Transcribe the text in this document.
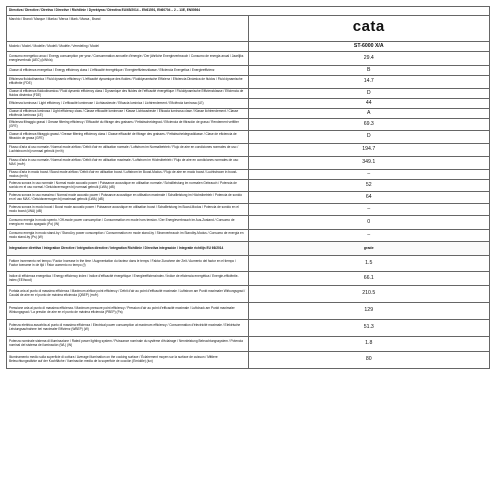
Directiva / Directive / Diretiva / Directive / Richtlinie / Dyrektywa / Directiva EU/65/2014 – EN61591, EN60704 – 2 – 13E, EN50564	
Marchio / Brand / Marque / Marka / Merca / Mark / Marca , Brand	cata
Modelo / Model / Modelle / Modell / Modèle / Veredeling / Model	ST-6000 X/A
Consumo energetico anuo / Energy consumption per year / Consommation annuelle d'énergie / Der jährliche Energieverbrauch / Consumo de energia anual / Jaarlijks energieverbruik (AEC) (kWh/a)	29.4
Classe di efficienza energetica / Energy efficiency class / L'efficacité énergétique / Energieeffizienzklasse / Eficiencia Energetica / Energieeffizienz	B
Efficienza fluidodinamica / Fluid dynamic efficiency / L'efficacité dynamique des fluides / Fluiddynamische Effizienz / Eficiencia Dinámica de fluidos / Fluid dynamische efficiëntie (FDE)	14.7
Classe di efficienza fluidodinamica / Fluid dynamic efficiency class / Dynamique des fluides de l'efficacité énergétique / Fluiddynamische Effizienzklasse / Eficiencia de fluidos dinámica (FDE)	D
Efficienza luminosa / Light efficiency / L'efficacité lumineuse / Lichtausbeute / Eficacia lumínica / Lichtrendement / Eficiência luminosa (LE)	44
Classe di efficienza luminosa / Light efficiency class / Classe efficacité lumineuse / Klasse Lichtausbeute / Eficacia luminosa clase / Klasse lichtrendement / Classe eficiência luminosa (LE)	A
Efficienza filtraggio grassi / Grease filtering efficiency / Efficacité du filtrage des graisses / Fettabscheidegrad / Eficiencia de filtración de grasa / Rendement vetfilter (GFE)	69.3
Classe di efficienza filtraggio grassi / Grease filtering efficiency class / Classe efficacité de filtrage des graisses / Fettabscheidegradklasse / Clase de eficiencia de filtración de grasa (GFE)	D
Flusso d'aria al uso normale / Normal mode airflow / Débit d'air en utilisation normale / Luftstrom im Normalbetrieb / Flujo de aire en condiciones normales de uso / Luchtstroom bij normaal gebruik (m³/h)	194.7
Flusso d'aria in uso normale / Normal mode airflow / Débit d'air en utilisation maximale / Luftstrom im Höchstbetrieb / Flujo de aire en condiciones normales de uso MAX (m³/h)	349.1
Flusso d'aria in modo boost / Boost mode airflow / Débit d'air en utilisation boost / Luftstrom im Boost-Modus / Flujo de aire en modo boost / Luchtstroom in boost-modus (m³/h)	–
Potenza sonora in uso normale / Normal mode acoustic power / Puissance acoustique en utilisation normale / Schallleistung im normalen Gebrauch / Potencia de sonido en el uso normal / Geluidsvermogen bij normaal gebruik (LWA) (dB)	52
Potenza sonora in uso massimo / Normal mode acoustic power / Puissance acoustique en utilisation maximale / Schallleistung im Höchstbetrieb / Potencia de sonido en el uso MAX / Geluidsvermogen bij maximaal gebruik (LWA) (dB)	64
Potenza sonora in modo boost / Boost mode acoustic power / Puissance acoustique en utilisation boost / Schallleistung im Boost-Modus / Potencia de sonido en el modo boost (LWA) (dB)	–
Consumo energia in modo spento / Off-mode power consumption / Consommation en mode hors tension / Der Energieverbrauch im Aus-Zustand / Consumo de energia en modo apagado (Po) (W)	0
Consumo energia in modo stand-by / Stand-by power consumption / Consommation en mode stand-by / Stromverbrauch im Standby-Modus / Consumo de energía en modo stand-by (Ps) (W)	–
Integrazione direttiva / Integration Directive / Intégration directive / Integration Richtlinie / Directiva integración / Integratie richtlijn EU 66/2014	grade
Fattore incremento nel tempo / Factor Increase in the time / Augmentation du facteur dans le temps / Faktor Zunahme der Zeit / Aumento del factor en el tiempo / Factor toename in de tijd / Fator aumento no tempo (f)	1.5
Indice di efficienza energetica / Energy efficiency index / Indice d'efficacité énergétique / Energieeffizienzindex / Índice de eficiencia energética / Energie-efficiëntie-index (EEIhood)	66.1
Portata aria al punto di massima efficienza / Maximum airflow point efficiency / Débit d'air au point d'efficacité maximale / Luftstrom am Punkt maximaler Wirkungsgrad / Caudal de aire en el punto de máxima eficiencia (QBEP) (m³/h)	210.5
Pressione aria al punto di massima efficienza / Maximum pressure point efficiency / Pression d'air au point d'efficacité maximale / Luftdruck am Punkt maximaler Wirkungsgrad / La presión de aire en el punto de máxima eficiencia (PBEP) (Pa)	129
Potenza elettrica assorbita al punto di massima efficienza / Electrical power consumption at maximum efficiency / Consommation d'électricité maximale / Elektrische Leistungsaufnahme bei maximaler Effizienz (WBEP) (W)	51.3
Potenza nominale sistema di illuminazione / Rated power lighting system / Puissance nominale du système d'éclairage / Nennleistung Beleuchtungssystem / Potencia nominal del sistema de iluminación (WL) (W)	1.8
Illuminamento medio sulla superficie di cottura / Average illumination on the cooking surface / Éclairement moyen sur la surface de cuisson / Mittlere Beleuchtungsstärke auf der Kochfläche / Iluminación media de la superficie de cocción (Emiddle) (lux)	80
